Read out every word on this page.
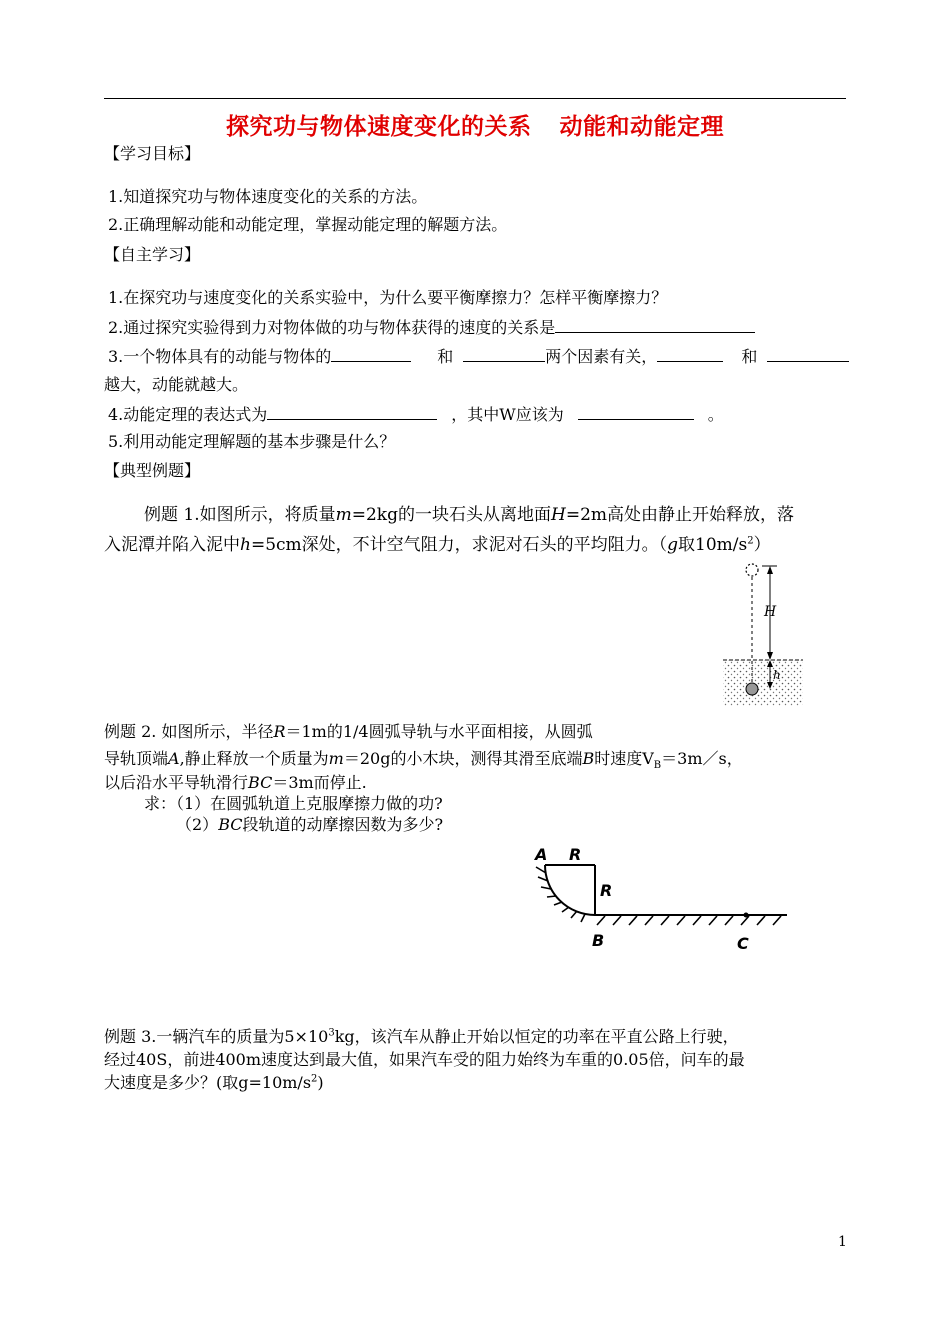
探究功与物体速度变化的关系 动能和动能定理
【学习目标】
1.知道探究功与物体速度变化的关系的方法。
2.正确理解动能和动能定理，掌握动能定理的解题方法。
【自主学习】
1.在探究功与速度变化的关系实验中，为什么要平衡摩擦力？怎样平衡摩擦力？
2.通过探究实验得到力对物体做的功与物体获得的速度的关系是
3.一个物体具有的动能与物体的	和	两个因素有关，	和
越大，动能就越大。
4.动能定理的表达式为	，其中W应该为	。
5.利用动能定理解题的基本步骤是什么？
【典型例题】
例题 1.如图所示，将质量m=2kg的一块石头从离地面H=2m高处由静止开始释放，落
入泥潭并陷入泥中h=5cm深处，不计空气阻力，求泥对石头的平均阻力。（g取$10m/s^2$）
H
h
例题 2. 如图所示，半径R＝1m的1/4圆弧导轨与水平面相接，从圆弧
导轨顶端A,静止释放一个质量为m＝20g的小木块，测得其滑至底端B时速度$V_B=3m/s$，
以后沿水平导轨滑行BC＝3m而停止.
求：（1）在圆弧轨道上克服摩擦力做的功?
（2）BC段轨道的动摩擦因数为多少?
A R
R
B	C
例题 3.一辆汽车的质量为$5\times 10^3kg$，该汽车从静止开始以恒定的功率在平直公路上行驶，
经过40S，前进400m速度达到最大值，如果汽车受的阻力始终为车重的0.05倍，问车的最
大速度是多少？(取$g=10m/s^2$)
1
